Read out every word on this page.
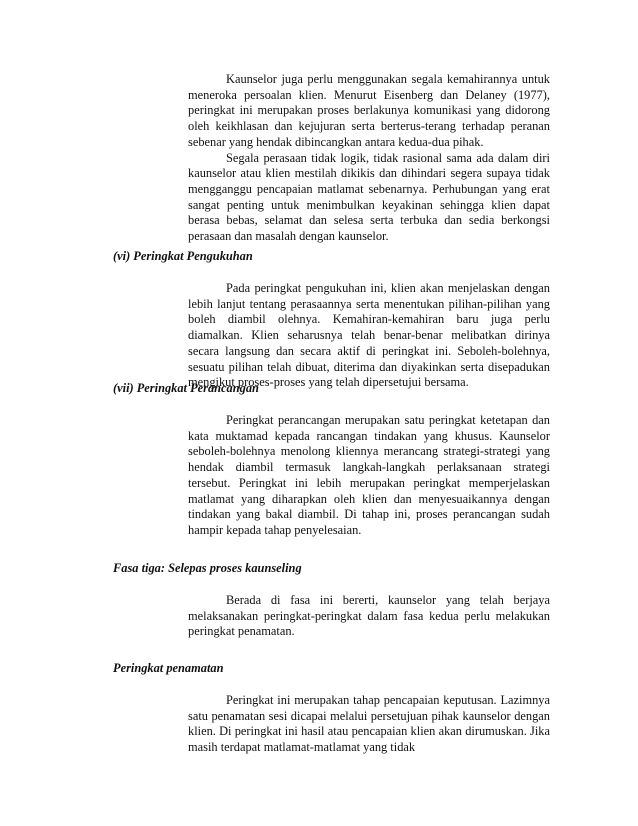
Kaunselor juga perlu menggunakan segala kemahirannya untuk meneroka persoalan klien. Menurut Eisenberg dan Delaney (1977), peringkat ini merupakan proses berlakunya komunikasi yang didorong oleh keikhlasan dan kejujuran serta berterus-terang terhadap peranan sebenar yang hendak dibincangkan antara kedua-dua pihak.

Segala perasaan tidak logik, tidak rasional sama ada dalam diri kaunselor atau klien mestilah dikikis dan dihindari segera supaya tidak mengganggu pencapaian matlamat sebenarnya. Perhubungan yang erat sangat penting untuk menimbulkan keyakinan sehingga klien dapat berasa bebas, selamat dan selesa serta terbuka dan sedia berkongsi perasaan dan masalah dengan kaunselor.

(vi) Peringkat Pengukuhan

Pada peringkat pengukuhan ini, klien akan menjelaskan dengan lebih lanjut tentang perasaannya serta menentukan pilihan-pilihan yang boleh diambil olehnya. Kemahiran-kemahiran baru juga perlu diamalkan. Klien seharusnya telah benar-benar melibatkan dirinya secara langsung dan secara aktif di peringkat ini. Seboleh-bolehnya, sesuatu pilihan telah dibuat, diterima dan diyakinkan serta disepadukan mengikut proses-proses yang telah dipersetujui bersama.

(vii) Peringkat Perancangan

Peringkat perancangan merupakan satu peringkat ketetapan dan kata muktamad kepada rancangan tindakan yang khusus. Kaunselor seboleh-bolehnya menolong kliennya merancang strategi-strategi yang hendak diambil termasuk langkah-langkah perlaksanaan strategi tersebut. Peringkat ini lebih merupakan peringkat memperjelaskan matlamat yang diharapkan oleh klien dan menyesuaikannya dengan tindakan yang bakal diambil. Di tahap ini, proses perancangan sudah hampir kepada tahap penyelesaian.

Fasa tiga: Selepas proses kaunseling

Berada di fasa ini bererti, kaunselor yang telah berjaya melaksanakan peringkat-peringkat dalam fasa kedua perlu melakukan peringkat penamatan.

Peringkat penamatan

Peringkat ini merupakan tahap pencapaian keputusan. Lazimnya satu penamatan sesi dicapai melalui persetujuan pihak kaunselor dengan klien. Di peringkat ini hasil atau pencapaian klien akan dirumuskan. Jika masih terdapat matlamat-matlamat yang tidak
